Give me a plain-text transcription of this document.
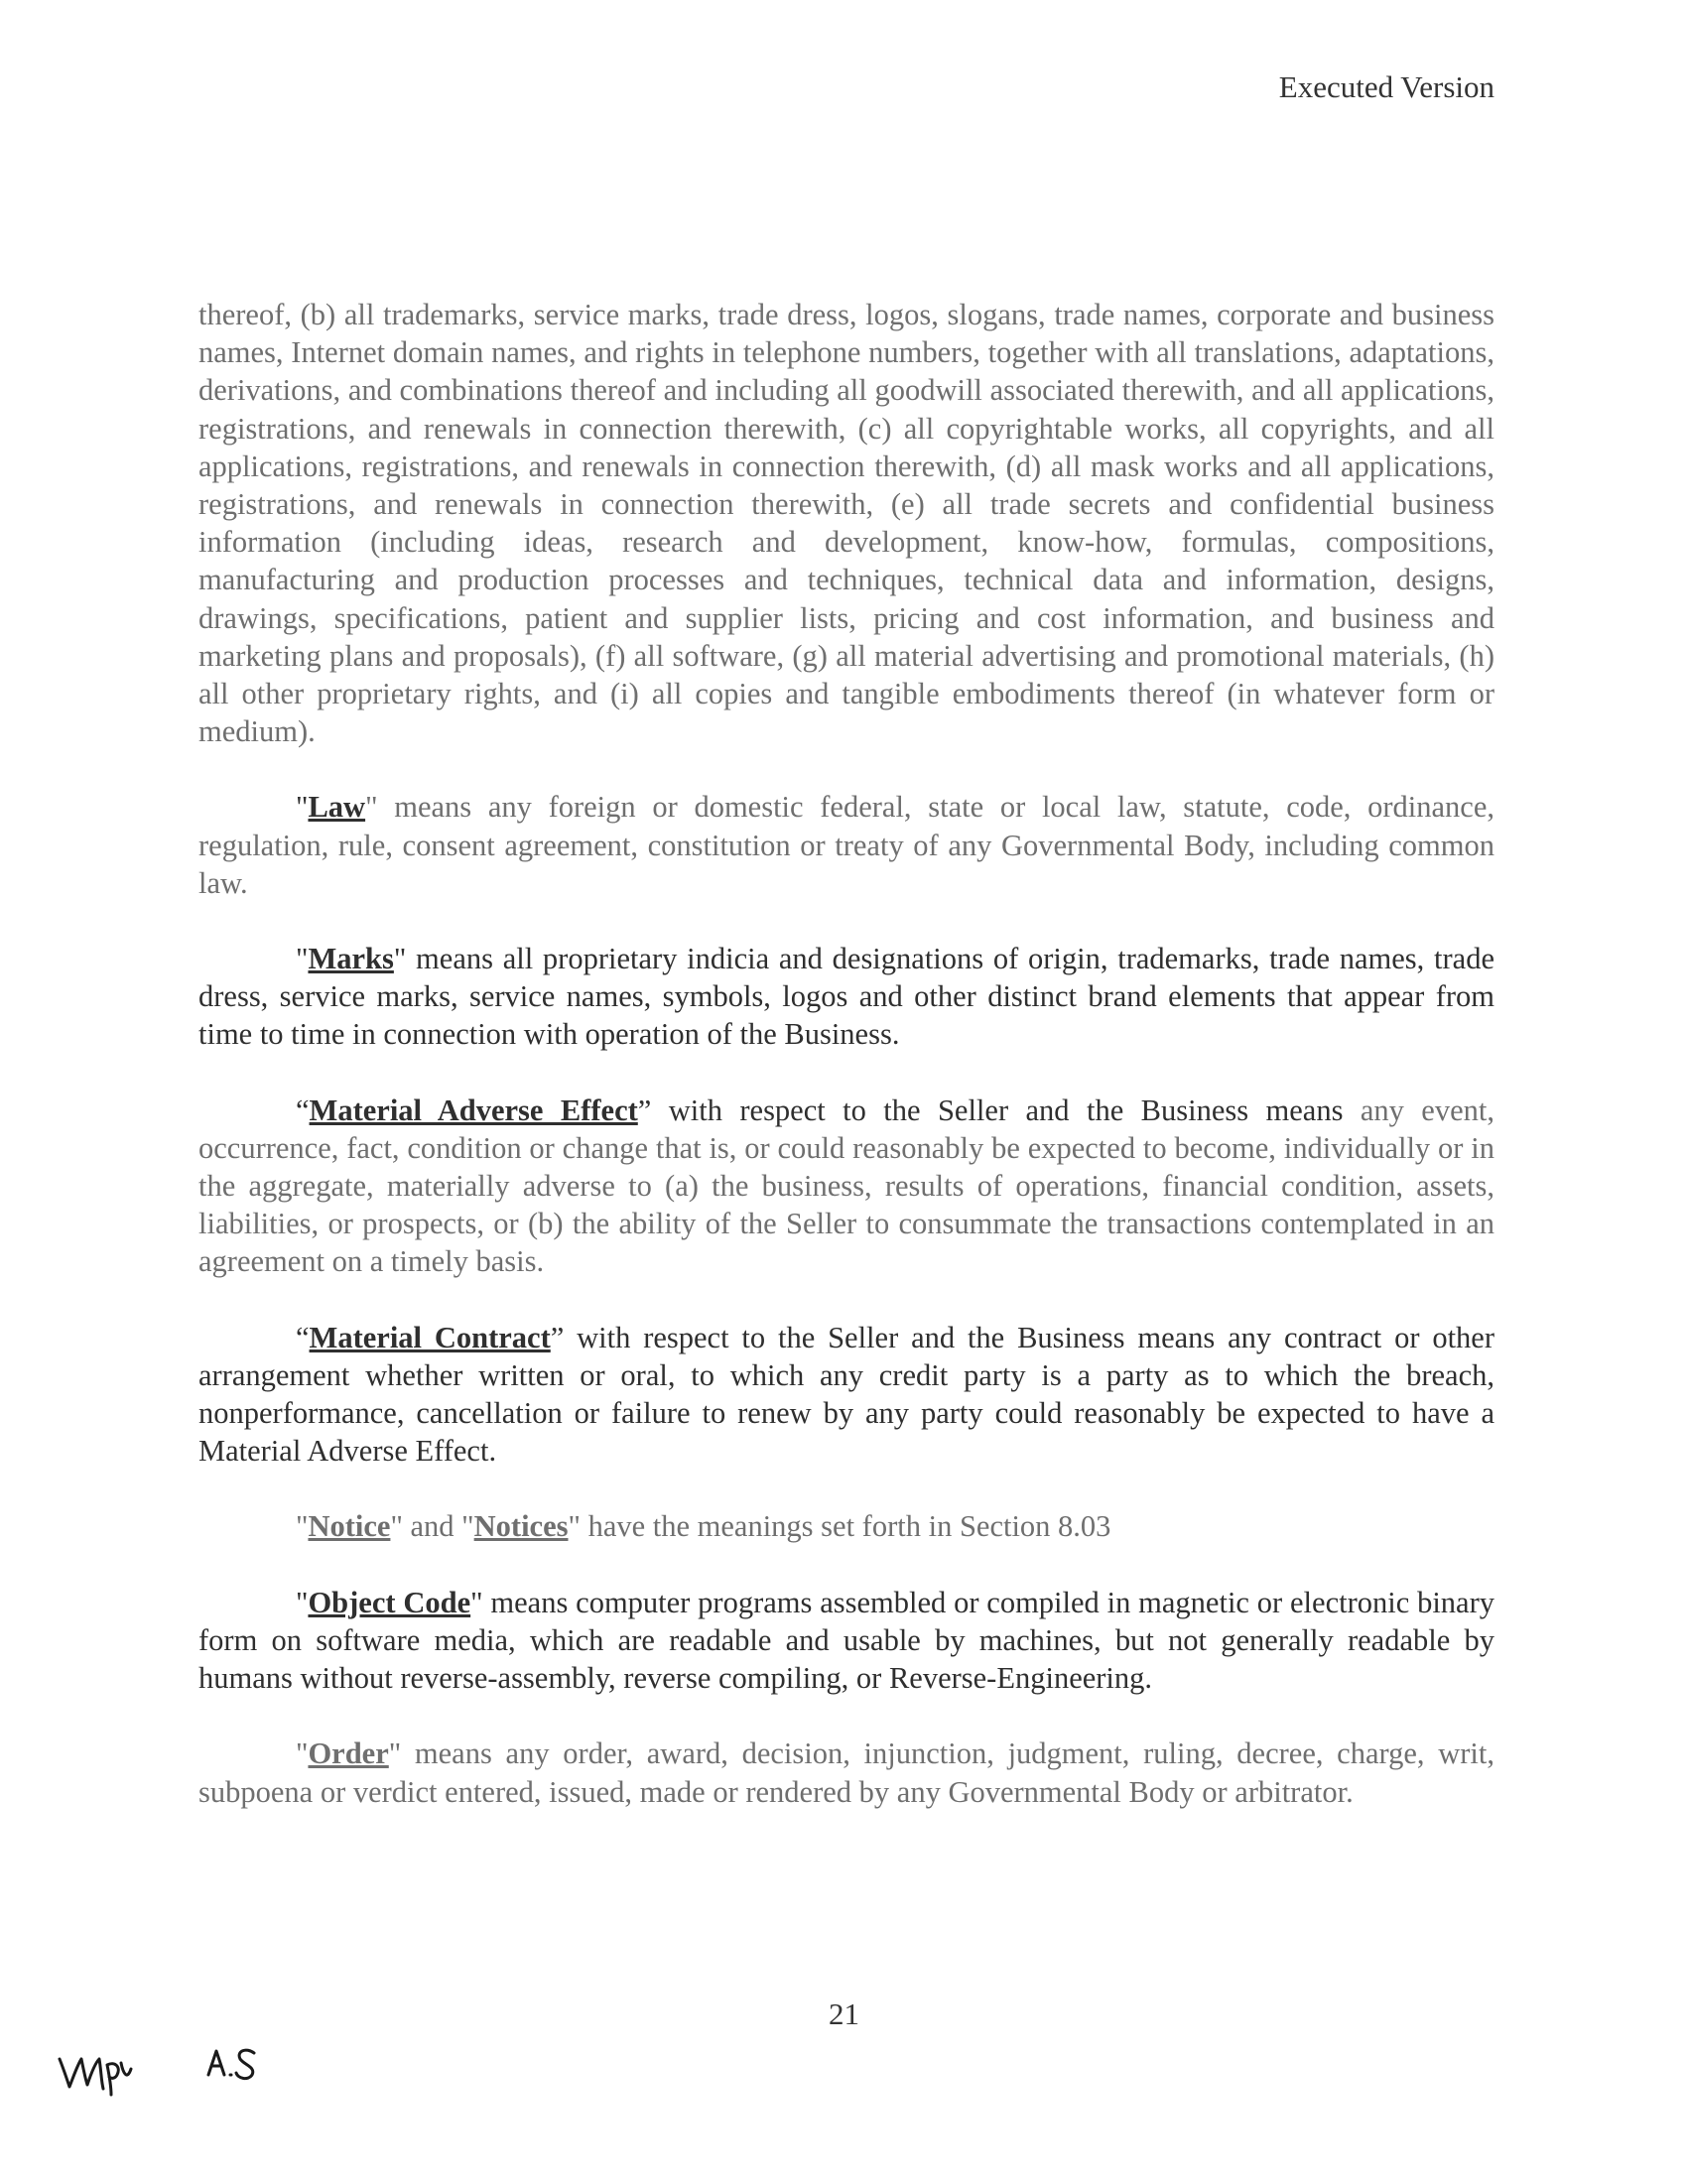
Executed Version

thereof, (b) all trademarks, service marks, trade dress, logos, slogans, trade names, corporate and business names, Internet domain names, and rights in telephone numbers, together with all translations, adaptations, derivations, and combinations thereof and including all goodwill associated therewith, and all applications, registrations, and renewals in connection therewith, (c) all copyrightable works, all copyrights, and all applications, registrations, and renewals in connection therewith, (d) all mask works and all applications, registrations, and renewals in connection therewith, (e) all trade secrets and confidential business information (including ideas, research and development, know-how, formulas, compositions, manufacturing and production processes and techniques, technical data and information, designs, drawings, specifications, patient and supplier lists, pricing and cost information, and business and marketing plans and proposals), (f) all software, (g) all material advertising and promotional materials, (h) all other proprietary rights, and (i) all copies and tangible embodiments thereof (in whatever form or medium).

"Law" means any foreign or domestic federal, state or local law, statute, code, ordinance, regulation, rule, consent agreement, constitution or treaty of any Governmental Body, including common law.

"Marks" means all proprietary indicia and designations of origin, trademarks, trade names, trade dress, service marks, service names, symbols, logos and other distinct brand elements that appear from time to time in connection with operation of the Business.

“Material Adverse Effect” with respect to the Seller and the Business means any event, occurrence, fact, condition or change that is, or could reasonably be expected to become, individually or in the aggregate, materially adverse to (a) the business, results of operations, financial condition, assets, liabilities, or prospects, or (b) the ability of the Seller to consummate the transactions contemplated in an agreement on a timely basis.

“Material Contract” with respect to the Seller and the Business means any contract or other arrangement whether written or oral, to which any credit party is a party as to which the breach, nonperformance, cancellation or failure to renew by any party could reasonably be expected to have a Material Adverse Effect.

"Notice" and "Notices" have the meanings set forth in Section 8.03

"Object Code" means computer programs assembled or compiled in magnetic or electronic binary form on software media, which are readable and usable by machines, but not generally readable by humans without reverse-assembly, reverse compiling, or Reverse-Engineering.

"Order" means any order, award, decision, injunction, judgment, ruling, decree, charge, writ, subpoena or verdict entered, issued, made or rendered by any Governmental Body or arbitrator.

21
